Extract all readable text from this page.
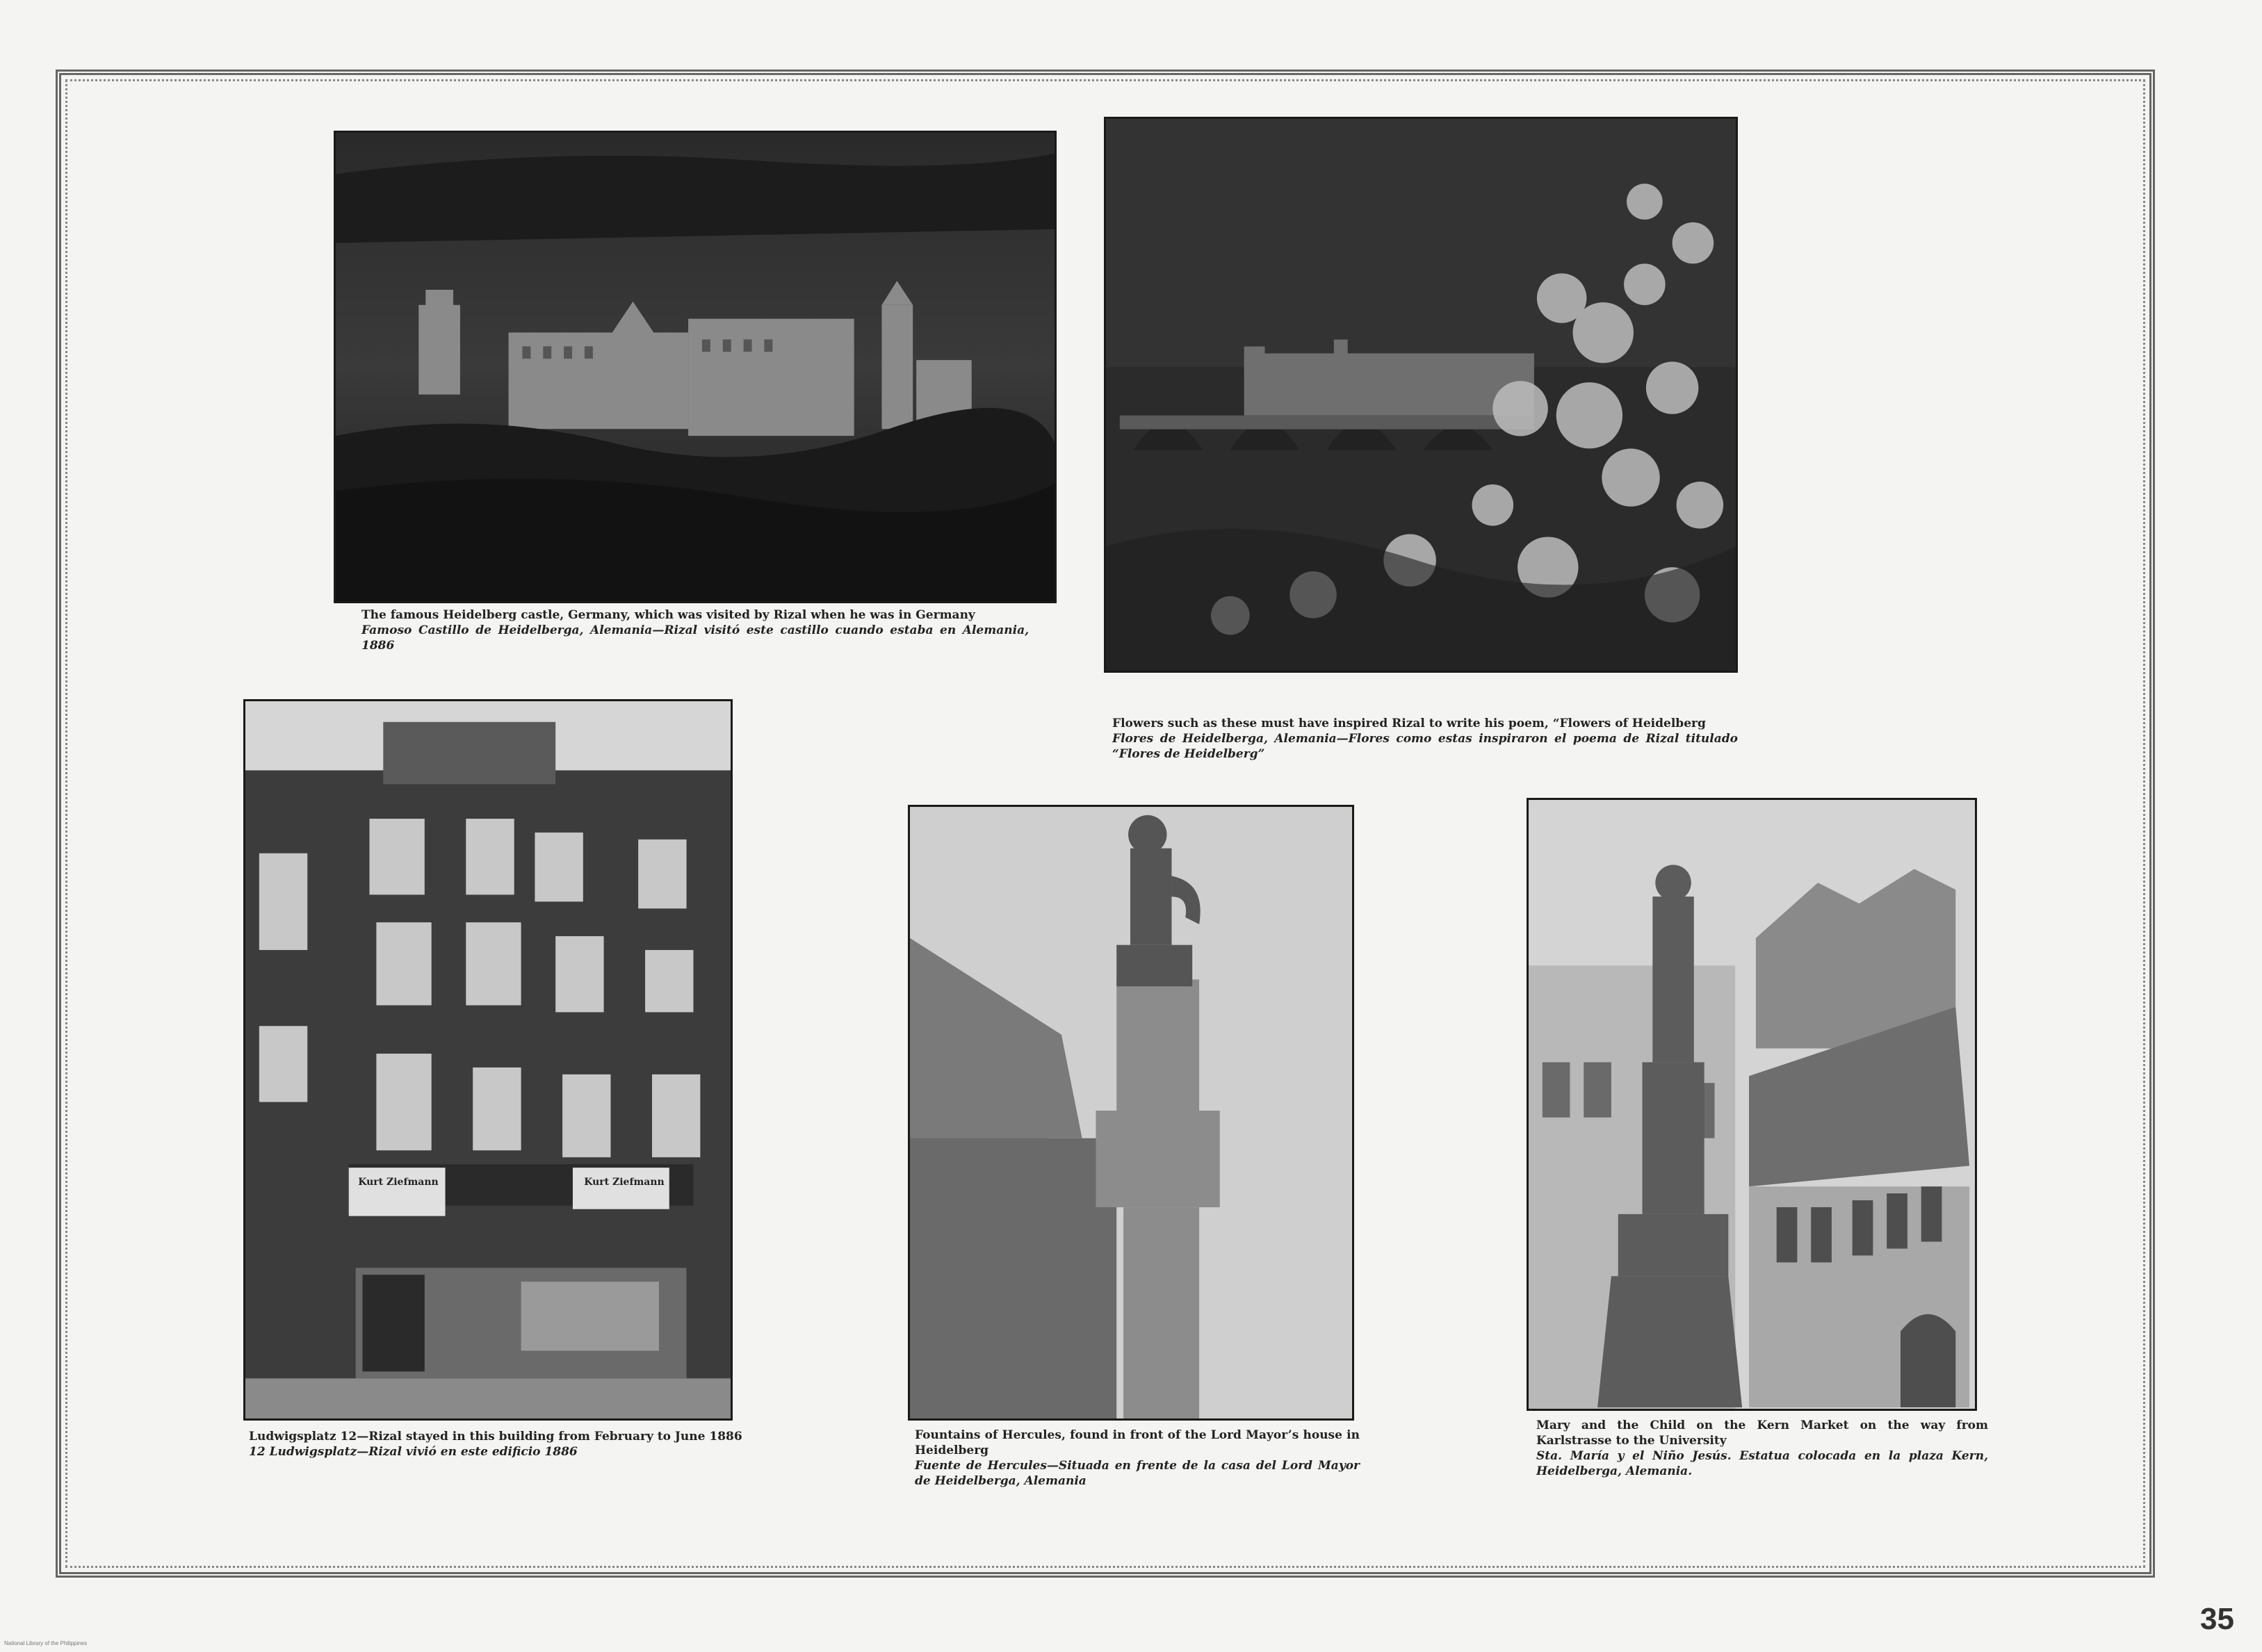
The famous Heidelberg castle, Germany, which was visited by Rizal when he was in Germany
Famoso Castillo de Heidelberga, Alemania—Rizal visitó este castillo cuando estaba en Alemania, 1886
Flowers such as these must have inspired Rizal to write his poem, “Flowers of Heidelberg
Flores de Heidelberga, Alemania—Flores como estas inspiraron el poema de Rizal titulado “Flores de Heidelberg”
Kurt Ziefmann	Kurt Ziefmann
Ludwigsplatz 12—Rizal stayed in this building from February to June 1886
12 Ludwigsplatz—Rizal vivió en este edificio 1886
Fountains of Hercules, found in front of the Lord Mayor’s house in Heidelberg
Fuente de Hercules—Situada en frente de la casa del Lord Mayor de Heidelberga, Alemania
Mary and the Child on the Kern Market on the way from Karlstrasse to the University
Sta. María y el Niño Jesús. Estatua colocada en la plaza Kern, Heidelberga, Alemania.
35
National Library of the Philippines
